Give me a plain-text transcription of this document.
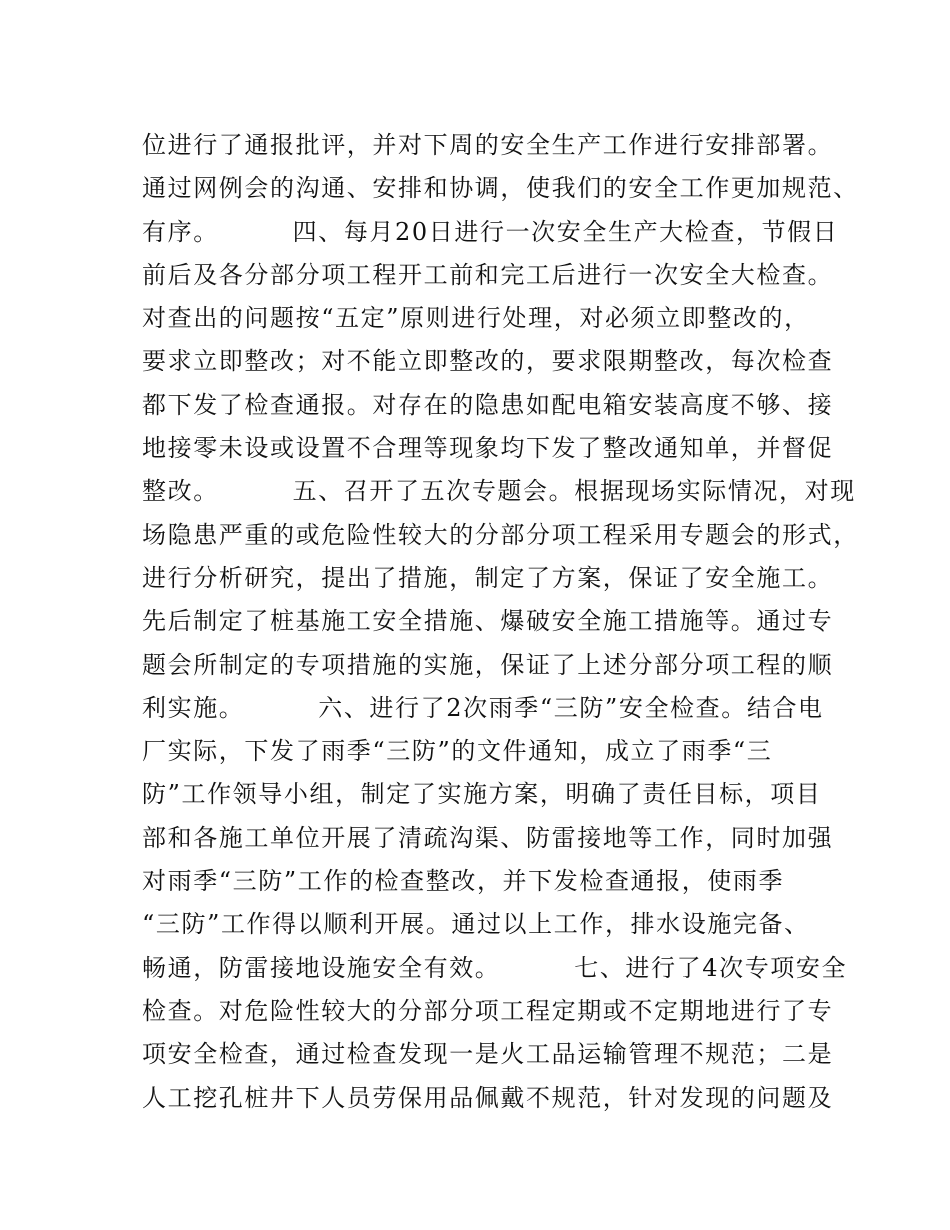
位进行了通报批评，并对下周的安全生产工作进行安排部署。
通过网例会的沟通、安排和协调，使我们的安全工作更加规范、
有序。        四、每月20日进行一次安全生产大检查，节假日
前后及各分部分项工程开工前和完工后进行一次安全大检查。
对查出的问题按“五定”原则进行处理，对必须立即整改的，
要求立即整改；对不能立即整改的，要求限期整改，每次检查
都下发了检查通报。对存在的隐患如配电箱安装高度不够、接
地接零未设或设置不合理等现象均下发了整改通知单，并督促
整改。        五、召开了五次专题会。根据现场实际情况，对现
场隐患严重的或危险性较大的分部分项工程采用专题会的形式，
进行分析研究，提出了措施，制定了方案，保证了安全施工。
先后制定了桩基施工安全措施、爆破安全施工措施等。通过专
题会所制定的专项措施的实施，保证了上述分部分项工程的顺
利实施。        六、进行了2次雨季“三防”安全检查。结合电
厂实际，下发了雨季“三防”的文件通知，成立了雨季“三
防”工作领导小组，制定了实施方案，明确了责任目标，项目
部和各施工单位开展了清疏沟渠、防雷接地等工作，同时加强
对雨季“三防”工作的检查整改，并下发检查通报，使雨季
“三防”工作得以顺利开展。通过以上工作，排水设施完备、
畅通，防雷接地设施安全有效。        七、进行了4次专项安全
检查。对危险性较大的分部分项工程定期或不定期地进行了专
项安全检查，通过检查发现一是火工品运输管理不规范；二是
人工挖孔桩井下人员劳保用品佩戴不规范，针对发现的问题及
